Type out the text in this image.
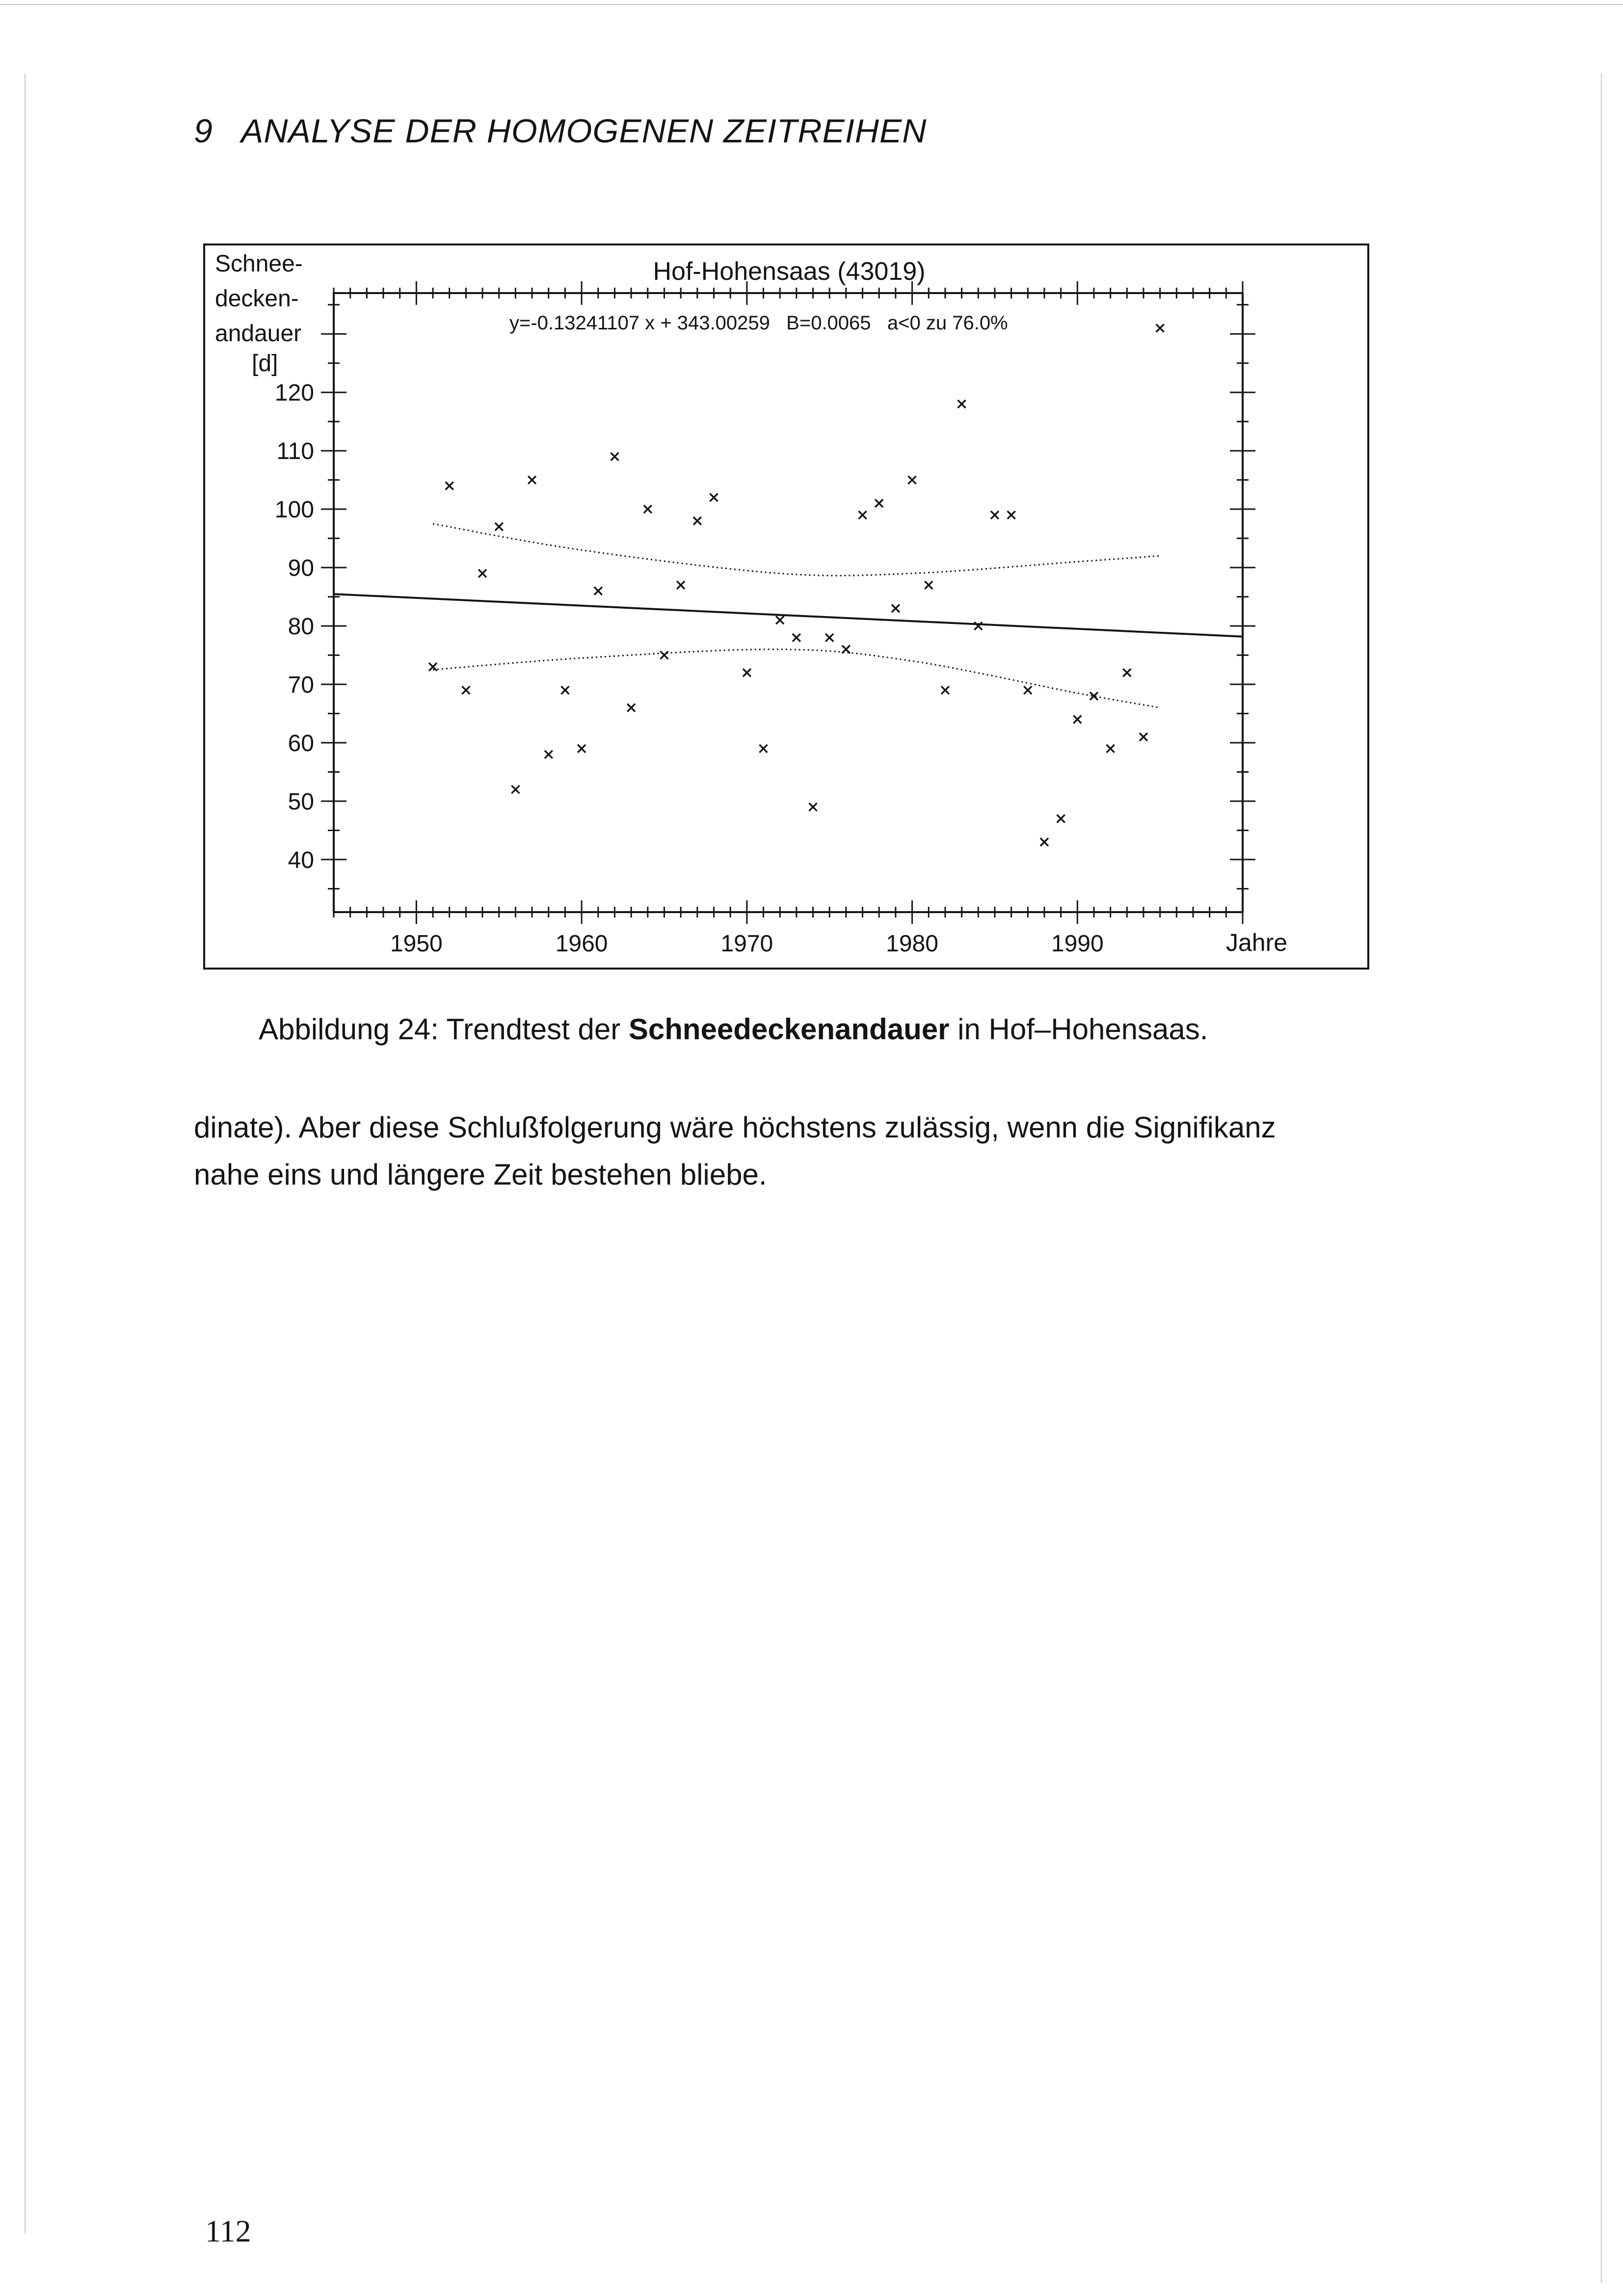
9 ANALYSE DER HOMOGENEN ZEITREIHEN
Hof-Hohensaas (43019)
Schnee-
decken-
andauer
[d]
y=-0.13241107 x + 343.00259   B=0.0065   a<0 zu 76.0%
Jahre
1950	1960	1970	1980	1990
40
50
60
70
80
90
100
110
120
Abbildung 24: Trendtest der Schneedeckenandauer in Hof–Hohensaas.
dinate). Aber diese Schlußfolgerung wäre höchstens zulässig, wenn die Signifikanz
nahe eins und längere Zeit bestehen bliebe.
112
